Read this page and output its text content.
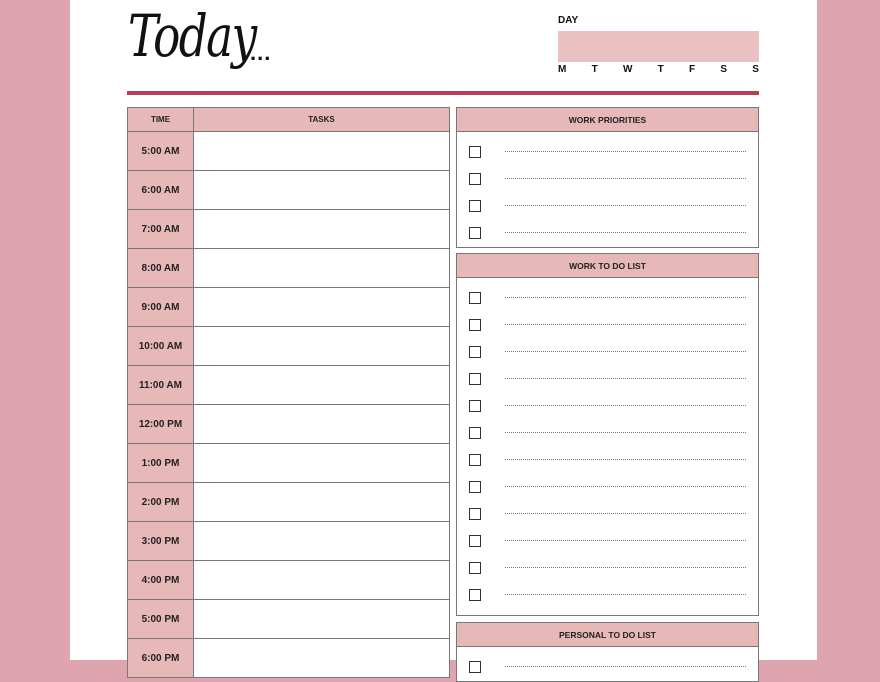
Today
...
DAY
M	T	W	T	F	S	S
TIME	TASKS
5:00 AM	
6:00 AM	
7:00 AM	
8:00 AM	
9:00 AM	
10:00 AM	
11:00 AM	
12:00 PM	
1:00 PM	
2:00 PM	
3:00 PM	
4:00 PM	
5:00 PM	
6:00 PM	
WORK PRIORITIES
WORK TO DO LIST
PERSONAL TO DO LIST
